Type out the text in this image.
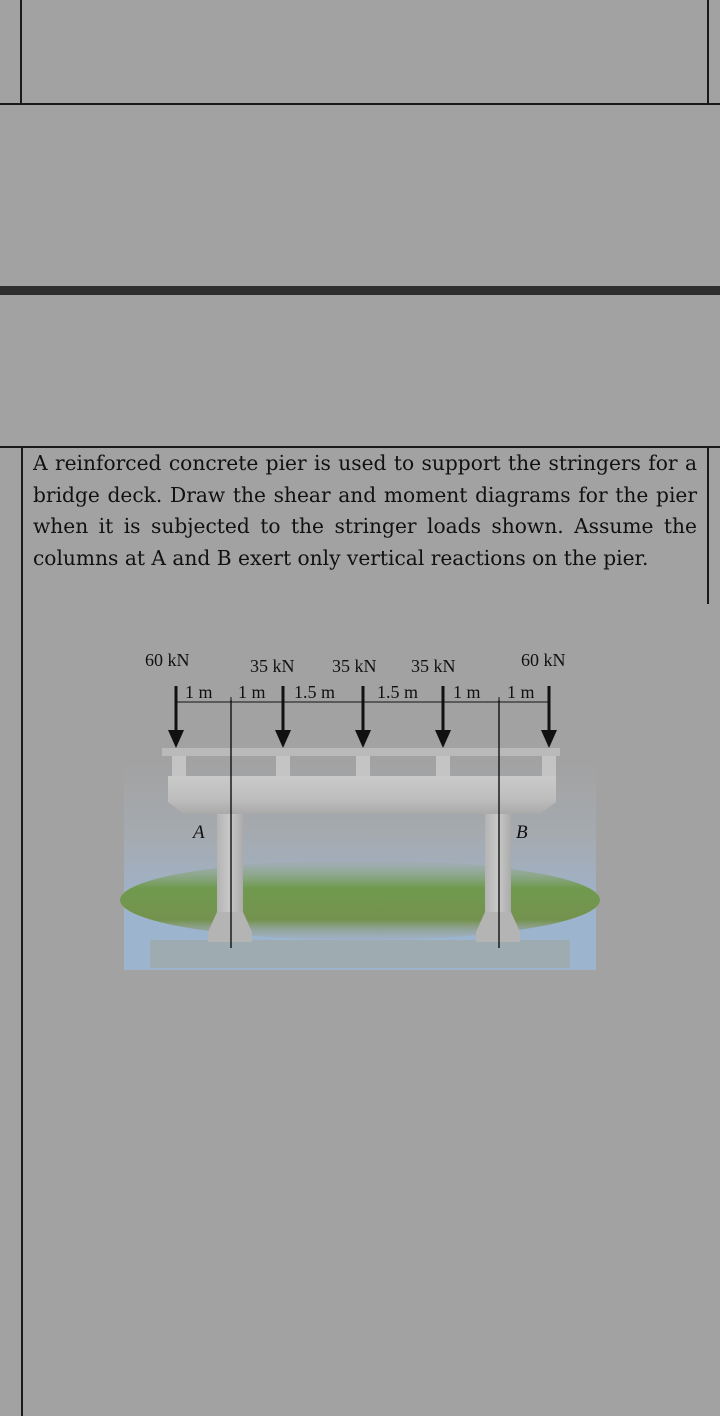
A reinforced concrete pier is used to support the stringers for a bridge deck. Draw the shear and moment diagrams for the pier when it is subjected to the stringer loads shown. Assume the columns at A and B exert only vertical reactions on the pier.

60 kN	35 kN 35 kN 35 kN	60 kN
1 m 1 m 1.5 m 1.5 m 1 m 1 m
A	B
